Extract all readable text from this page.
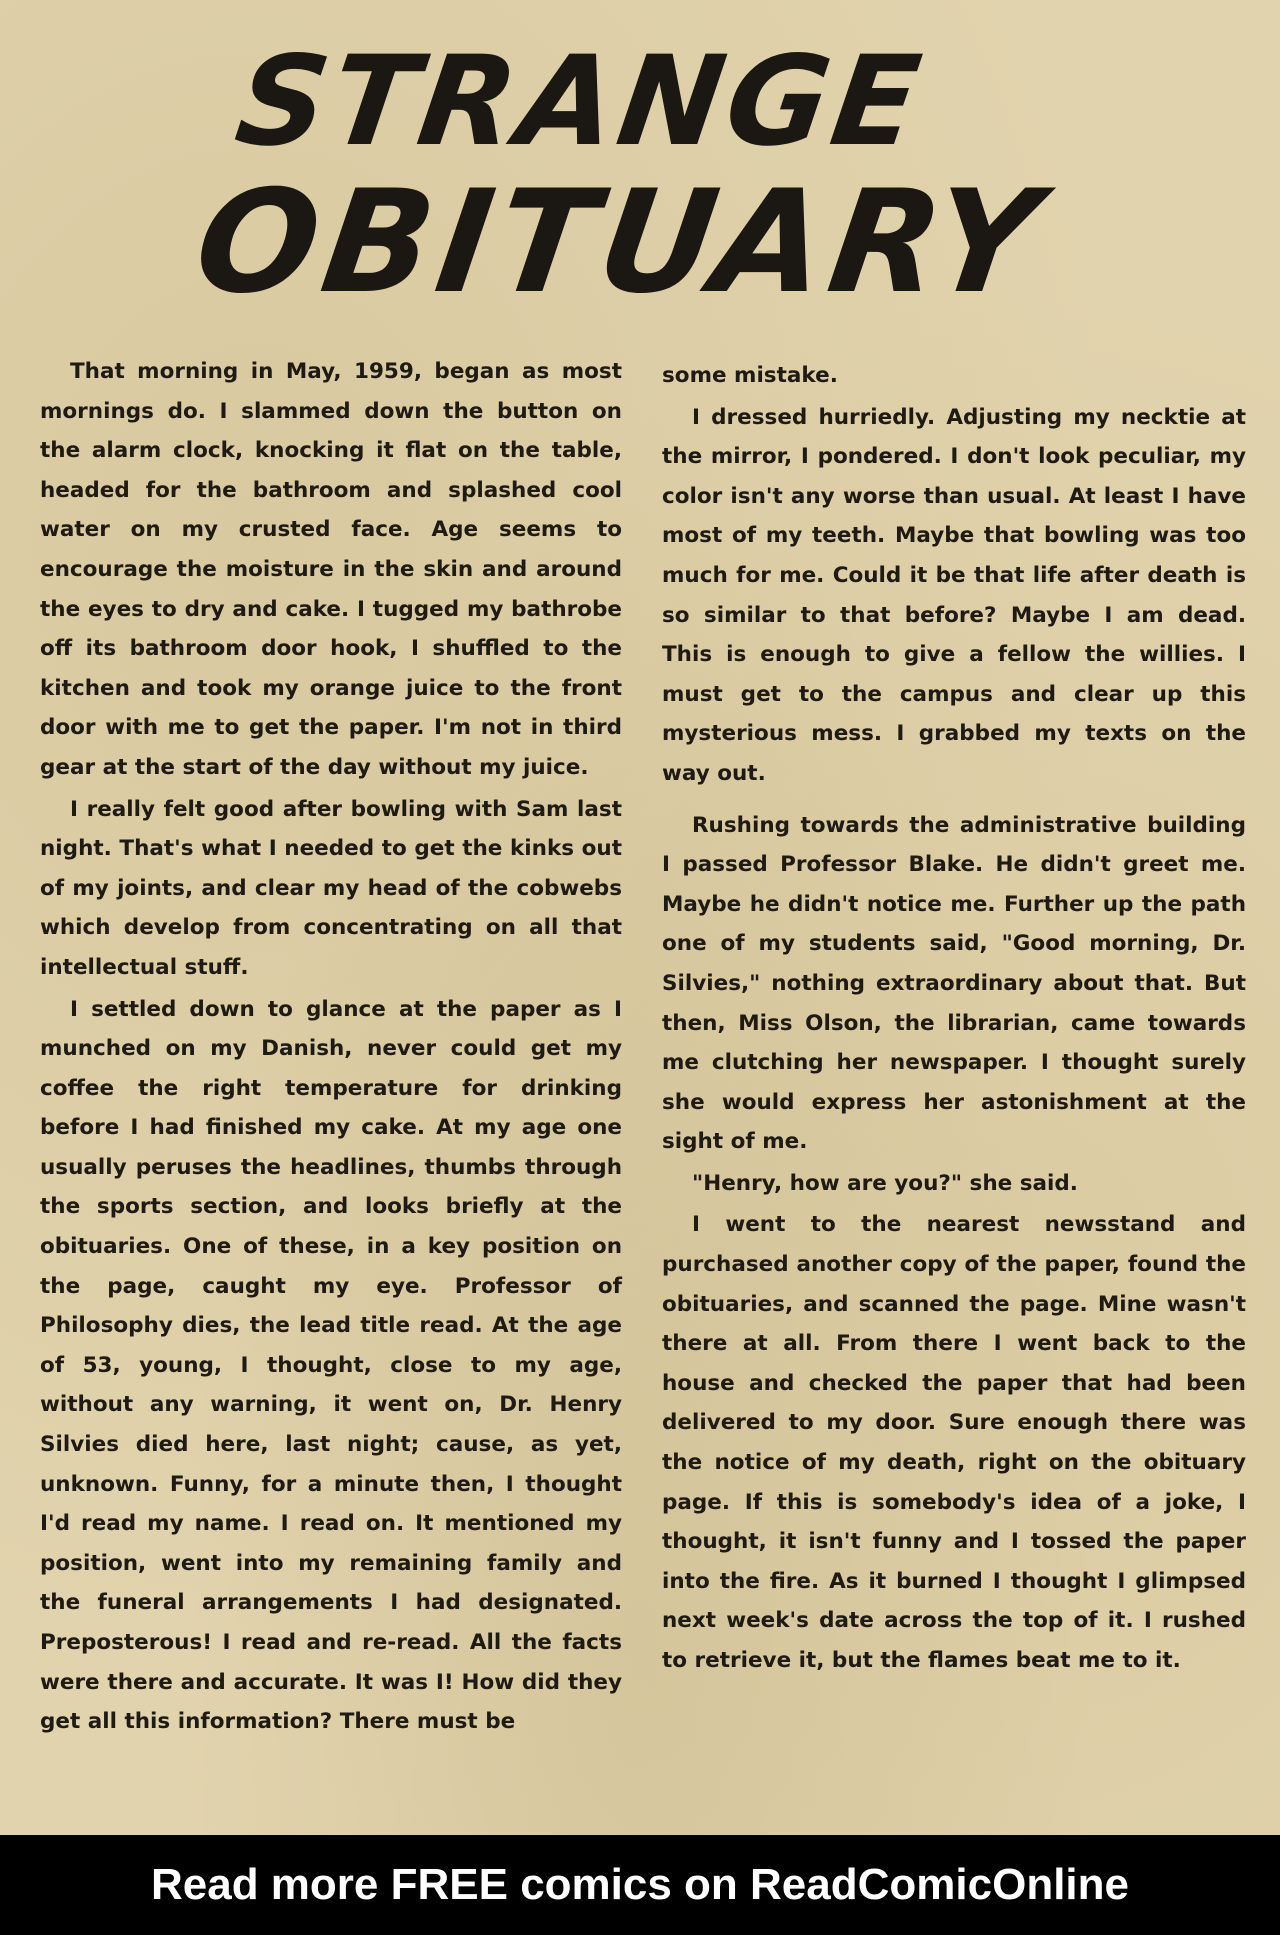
STRANGE
OBITUARY

That morning in May, 1959, began as most mornings do. I slammed down the button on the alarm clock, knocking it flat on the table, headed for the bathroom and splashed cool water on my crusted face. Age seems to encourage the moisture in the skin and around the eyes to dry and cake. I tugged my bathrobe off its bathroom door hook, I shuffled to the kitchen and took my orange juice to the front door with me to get the paper. I'm not in third gear at the start of the day without my juice.

I really felt good after bowling with Sam last night. That's what I needed to get the kinks out of my joints, and clear my head of the cobwebs which develop from concentrating on all that intellectual stuff.

I settled down to glance at the paper as I munched on my Danish, never could get my coffee the right temperature for drinking before I had finished my cake. At my age one usually peruses the headlines, thumbs through the sports section, and looks briefly at the obituaries. One of these, in a key position on the page, caught my eye. Professor of Philosophy dies, the lead title read. At the age of 53, young, I thought, close to my age, without any warning, it went on, Dr. Henry Silvies died here, last night; cause, as yet, unknown. Funny, for a minute then, I thought I'd read my name. I read on. It mentioned my position, went into my remaining family and the funeral arrangements I had designated. Preposterous! I read and re-read. All the facts were there and accurate. It was I! How did they get all this information? There must be

some mistake.

I dressed hurriedly. Adjusting my necktie at the mirror, I pondered. I don't look peculiar, my color isn't any worse than usual. At least I have most of my teeth. Maybe that bowling was too much for me. Could it be that life after death is so similar to that before? Maybe I am dead. This is enough to give a fellow the willies. I must get to the campus and clear up this mysterious mess. I grabbed my texts on the way out.

Rushing towards the administrative building I passed Professor Blake. He didn't greet me. Maybe he didn't notice me. Further up the path one of my students said, "Good morning, Dr. Silvies," nothing extraordinary about that. But then, Miss Olson, the librarian, came towards me clutching her newspaper. I thought surely she would express her astonishment at the sight of me.

"Henry, how are you?" she said.

I went to the nearest newsstand and purchased another copy of the paper, found the obituaries, and scanned the page. Mine wasn't there at all. From there I went back to the house and checked the paper that had been delivered to my door. Sure enough there was the notice of my death, right on the obituary page. If this is somebody's idea of a joke, I thought, it isn't funny and I tossed the paper into the fire. As it burned I thought I glimpsed next week's date across the top of it. I rushed to retrieve it, but the flames beat me to it.

Read more FREE comics on ReadComicOnline
